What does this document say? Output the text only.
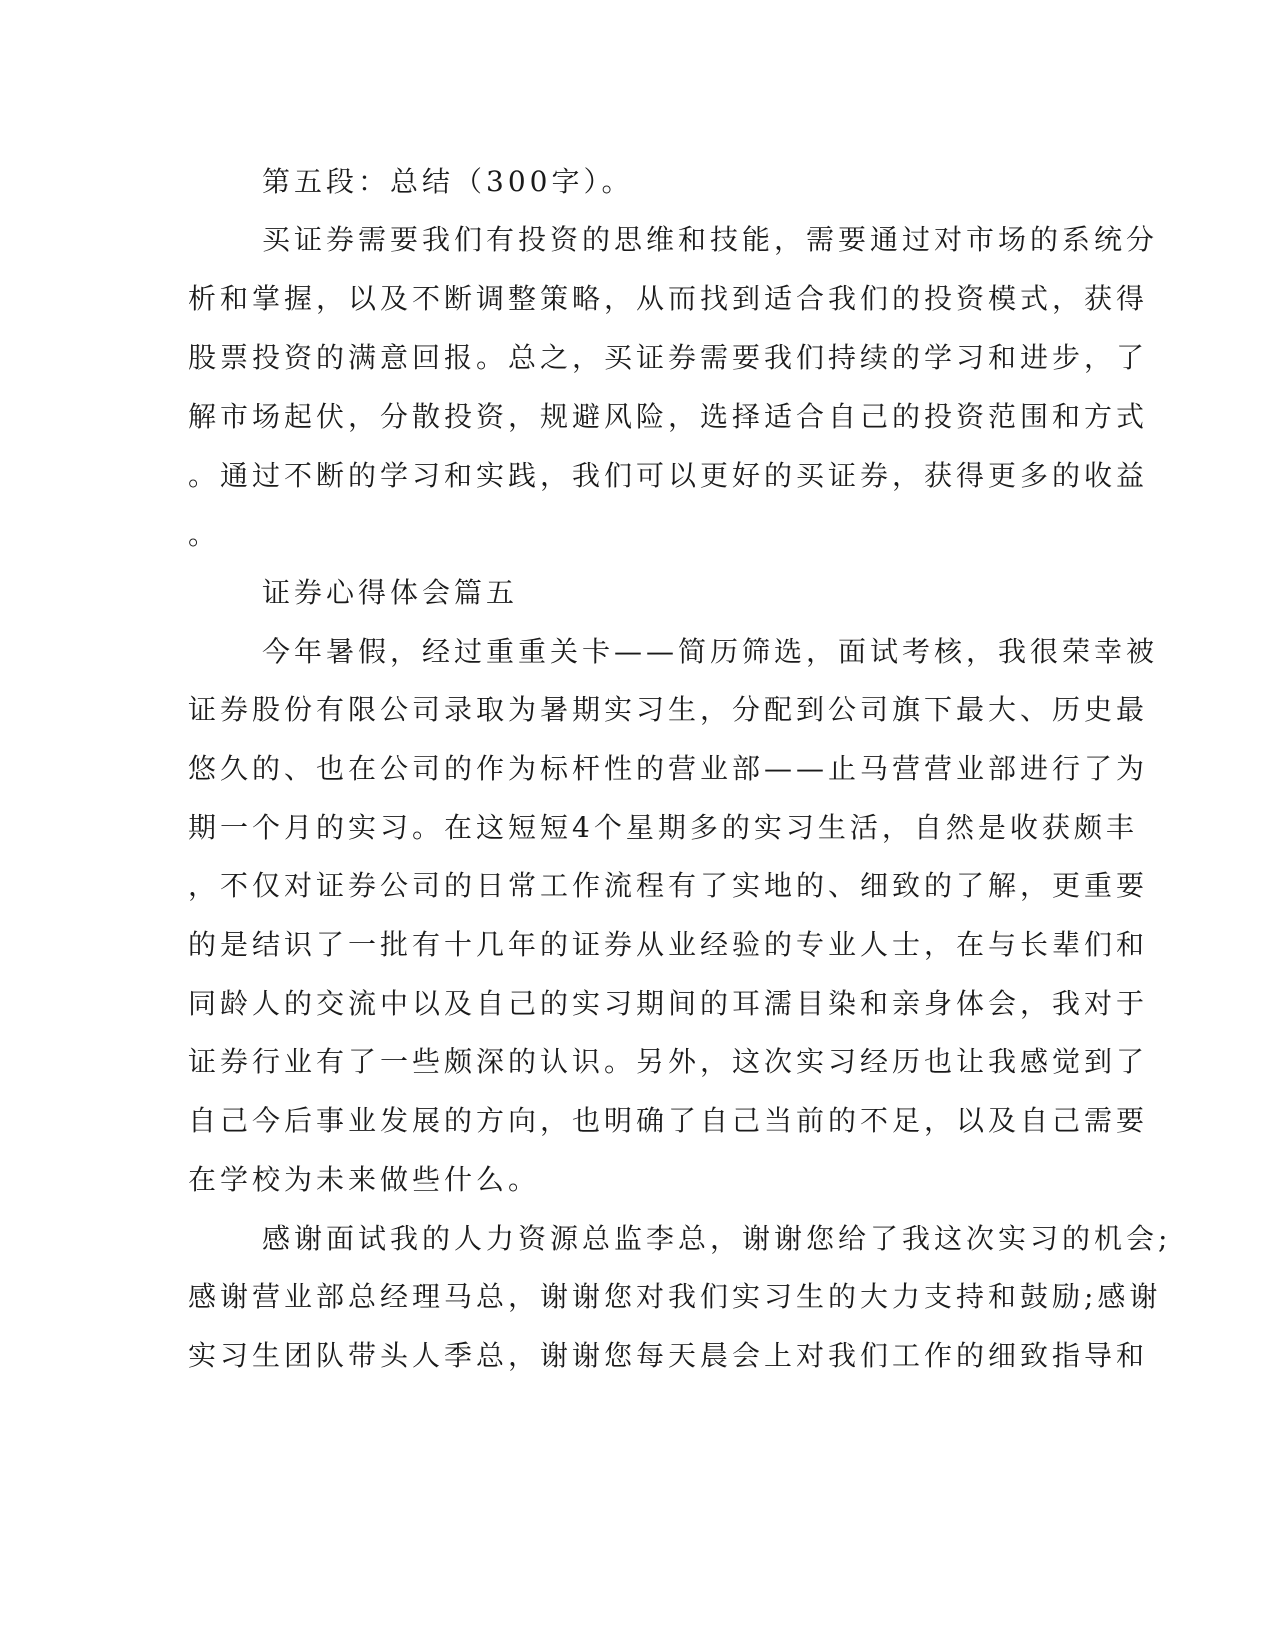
第五段：总结（300字）。
买证券需要我们有投资的思维和技能，需要通过对市场的系统分
析和掌握，以及不断调整策略，从而找到适合我们的投资模式，获得
股票投资的满意回报。总之，买证券需要我们持续的学习和进步，了
解市场起伏，分散投资，规避风险，选择适合自己的投资范围和方式
。通过不断的学习和实践，我们可以更好的买证券，获得更多的收益
。
证券心得体会篇五
今年暑假，经过重重关卡——简历筛选，面试考核，我很荣幸被
证券股份有限公司录取为暑期实习生，分配到公司旗下最大、历史最
悠久的、也在公司的作为标杆性的营业部——止马营营业部进行了为
期一个月的实习。在这短短4个星期多的实习生活，自然是收获颇丰
，不仅对证券公司的日常工作流程有了实地的、细致的了解，更重要
的是结识了一批有十几年的证券从业经验的专业人士，在与长辈们和
同龄人的交流中以及自己的实习期间的耳濡目染和亲身体会，我对于
证券行业有了一些颇深的认识。另外，这次实习经历也让我感觉到了
自己今后事业发展的方向，也明确了自己当前的不足，以及自己需要
在学校为未来做些什么。
感谢面试我的人力资源总监李总，谢谢您给了我这次实习的机会;
感谢营业部总经理马总，谢谢您对我们实习生的大力支持和鼓励;感谢
实习生团队带头人季总，谢谢您每天晨会上对我们工作的细致指导和
